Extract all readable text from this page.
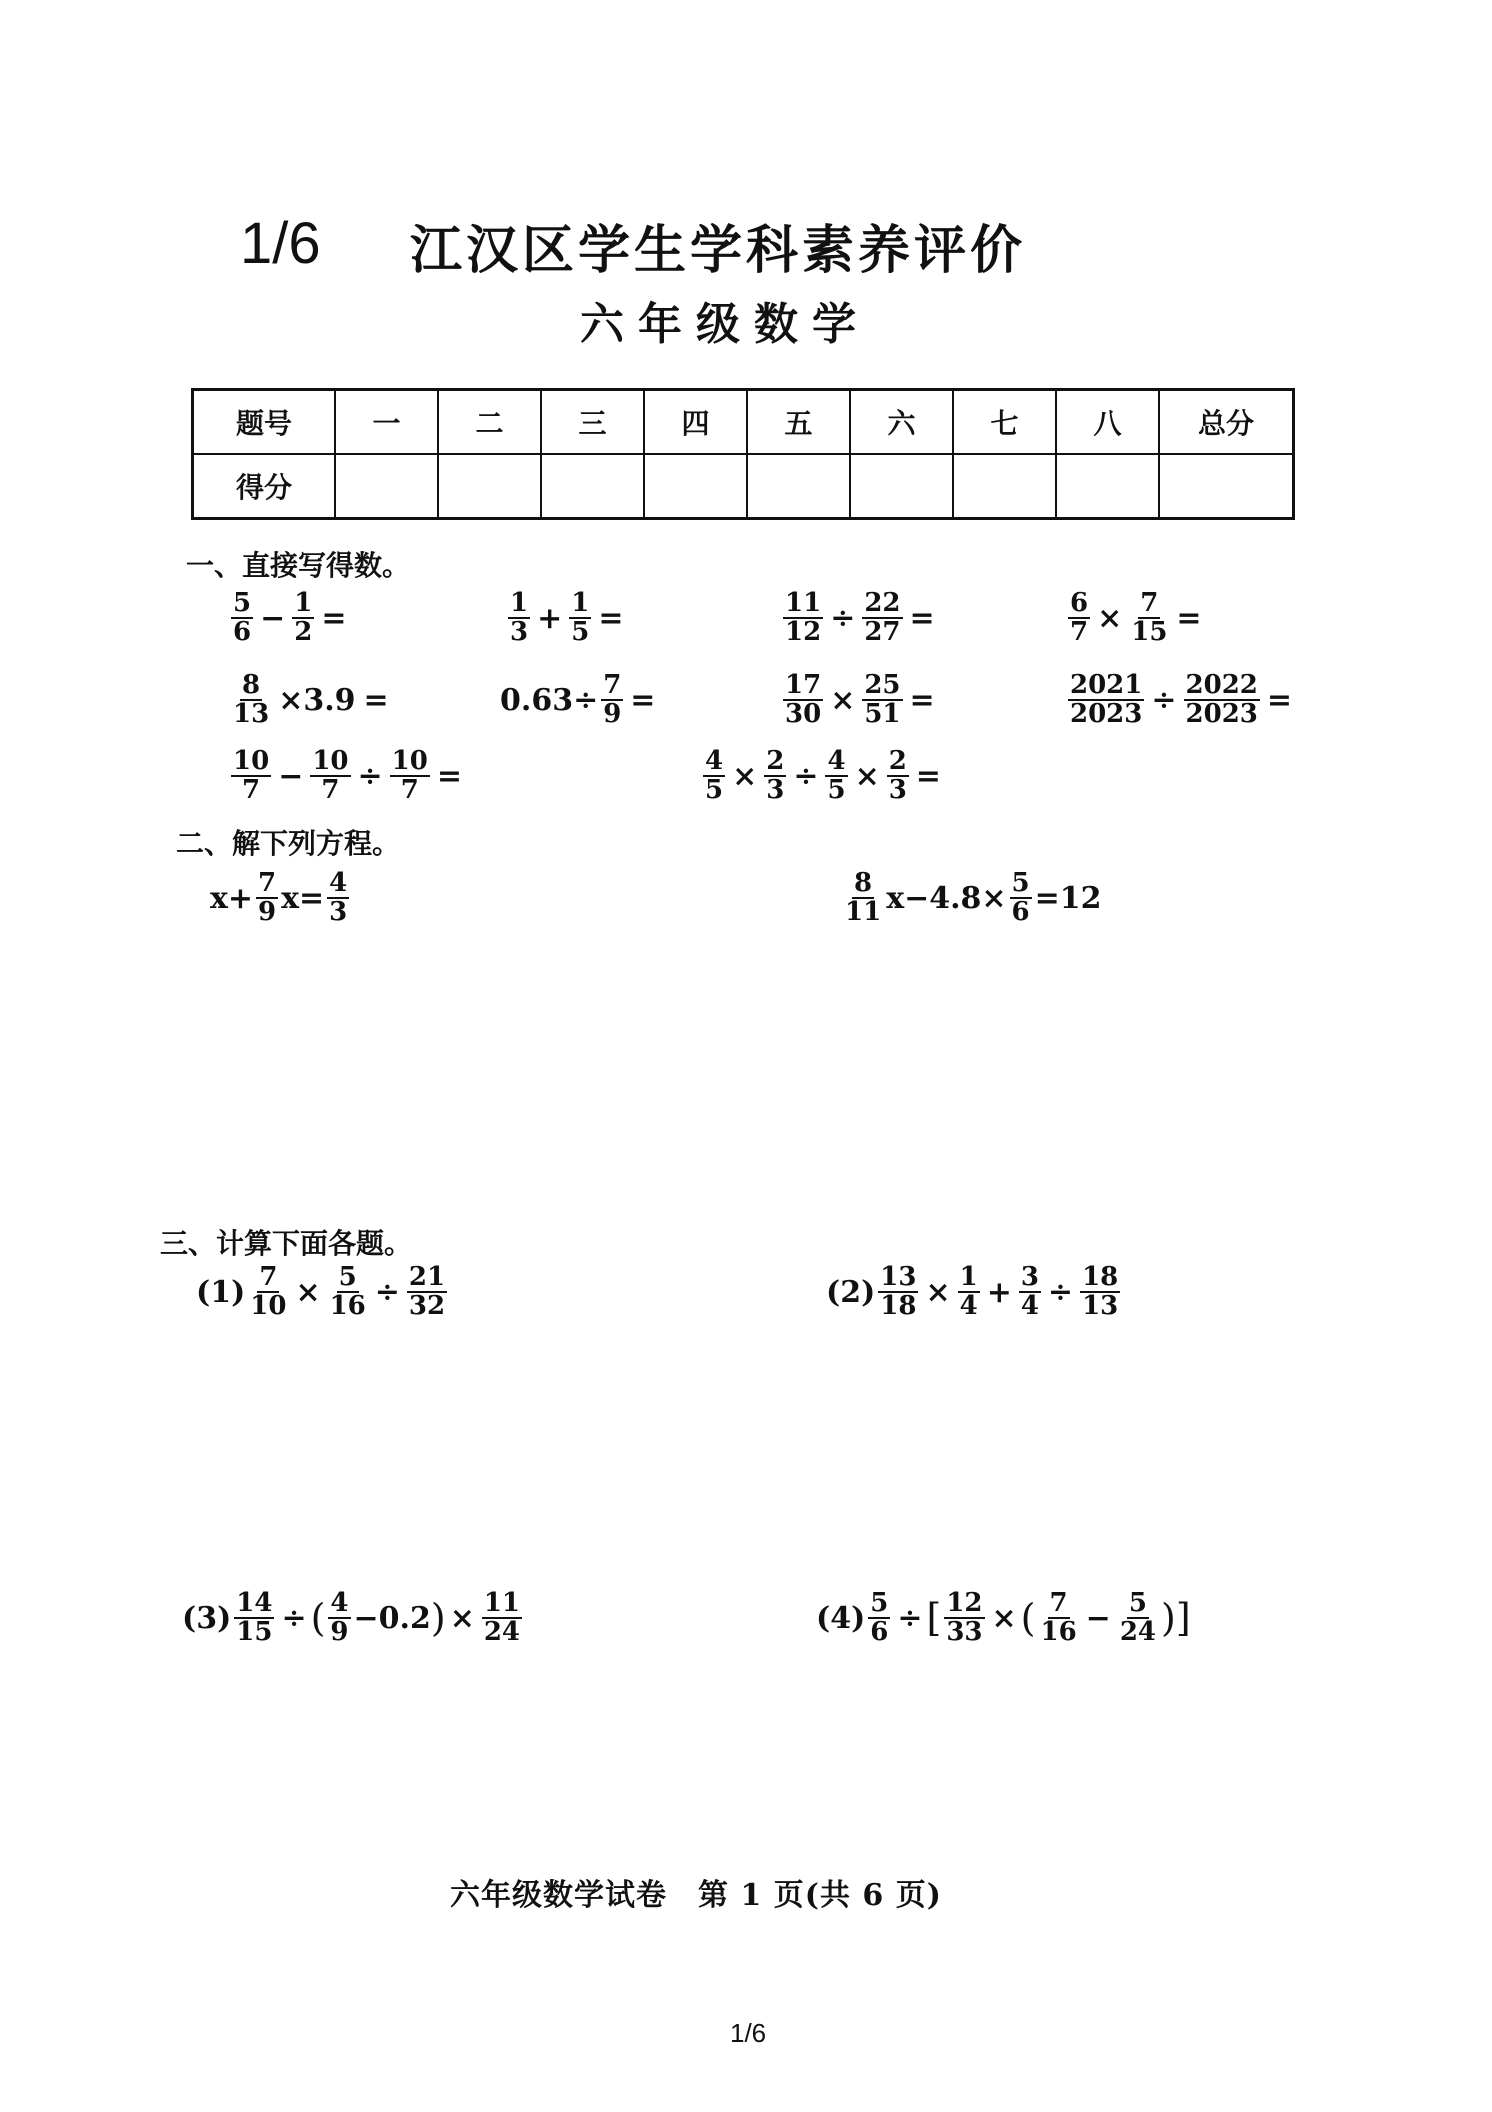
1/6 江汉区学生学科素养评价
六年级数学
题号	一	二	三	四	五	六	七	八	总分
得分									
一、直接写得数。
$\frac{5}{6} - \frac{1}{2}$ =	$\frac{1}{3} + \frac{1}{5}$ =	$\frac{11}{12} \div \frac{22}{27}$ =	$\frac{6}{7} \times \frac{7}{15}$ =
$\frac{8}{13} \times 3.9$ =	$0.63\div \frac{7}{9}$ =	$\frac{17}{30} \times \frac{25}{51}$ =	$\frac{2021}{2023} \div \frac{2022}{2023}$ =
$\frac{10}{7} - \frac{10}{7} \div \frac{10}{7}$ =	$\frac{4}{5} \times \frac{2}{3} \div \frac{4}{5} \times \frac{2}{3}$ =
二、解下列方程。
$x+ \frac{7}{9} x= \frac{4}{3}$	$\frac{8}{11} x-4.8\times \frac{5}{6} =12$
三、计算下面各题。
$(1) \frac{7}{10} \times \frac{5}{16} \div \frac{21}{32}$	$(2) \frac{13}{18} \times \frac{1}{4} + \frac{3}{4} \div \frac{18}{13}$
$(3) \frac{14}{15}$ ÷ ( $\frac{4}{9} -0.2$ ) × $\frac{11}{24}$	$(4) \frac{5}{6}$ ÷ [ $\frac{12}{33}$ × ( $\frac{7}{16} - \frac{5}{24}$ ) ]
六年级数学试卷　第 1 页(共 6 页)
1/6
